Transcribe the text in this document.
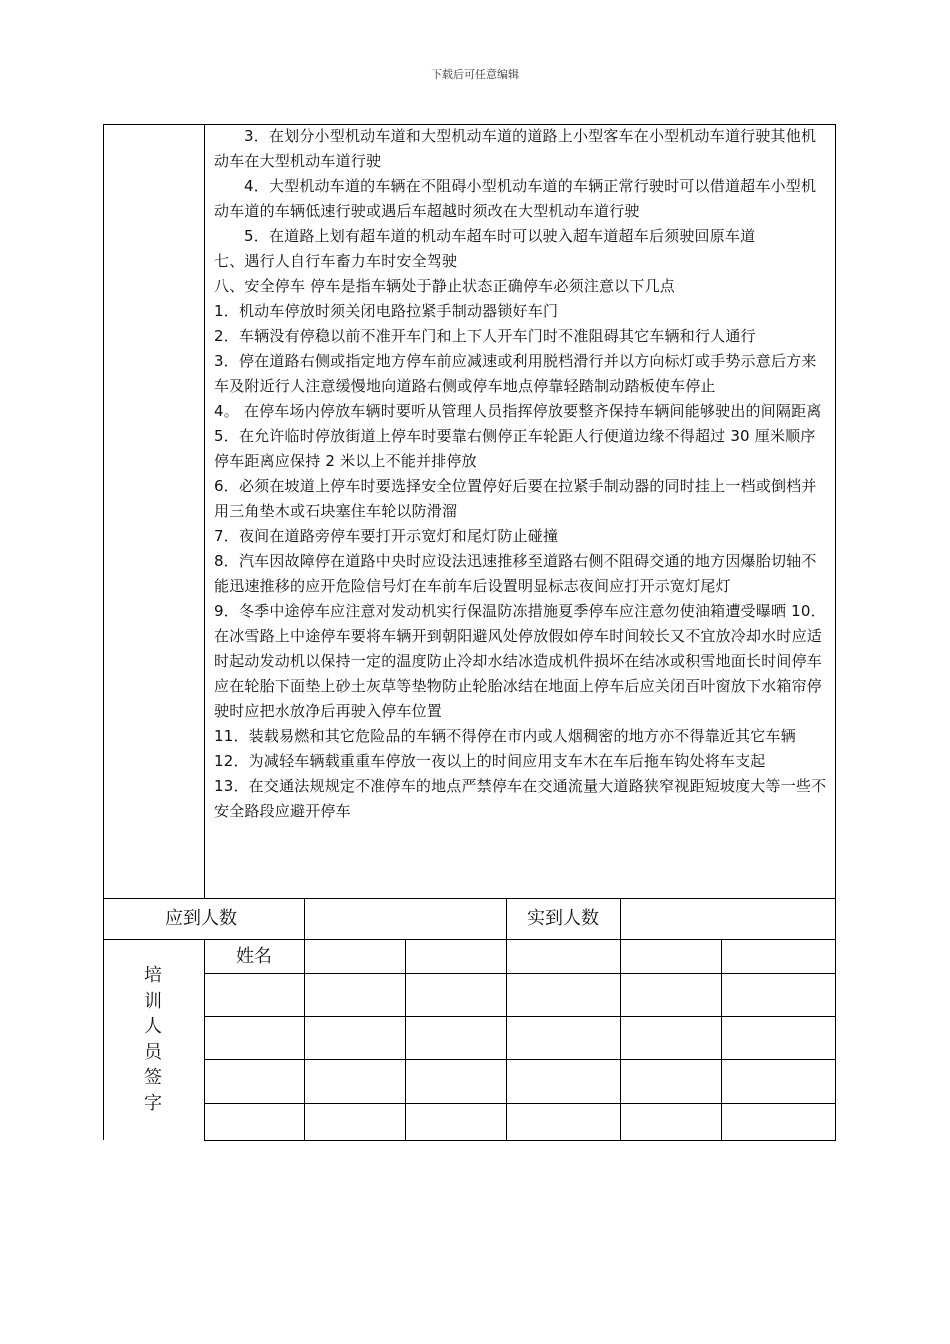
下载后可任意编辑

3．在划分小型机动车道和大型机动车道的道路上小型客车在小型机动车道行驶其他机动车在大型机动车道行驶

4．大型机动车道的车辆在不阻碍小型机动车道的车辆正常行驶时可以借道超车小型机动车道的车辆低速行驶或遇后车超越时须改在大型机动车道行驶

5．在道路上划有超车道的机动车超车时可以驶入超车道超车后须驶回原车道

七、遇行人自行车畜力车时安全驾驶

八、安全停车 停车是指车辆处于静止状态正确停车必须注意以下几点

1．机动车停放时须关闭电路拉紧手制动器锁好车门

2．车辆没有停稳以前不准开车门和上下人开车门时不准阻碍其它车辆和行人通行

3．停在道路右侧或指定地方停车前应减速或利用脱档滑行并以方向标灯或手势示意后方来车及附近行人注意缓慢地向道路右侧或停车地点停靠轻踏制动踏板使车停止

4。 在停车场内停放车辆时要听从管理人员指挥停放要整齐保持车辆间能够驶出的间隔距离

5．在允许临时停放街道上停车时要靠右侧停正车轮距人行便道边缘不得超过 30 厘米顺序停车距离应保持 2 米以上不能并排停放

6．必须在坡道上停车时要选择安全位置停好后要在拉紧手制动器的同时挂上一档或倒档并用三角垫木或石块塞住车轮以防滑溜

7．夜间在道路旁停车要打开示宽灯和尾灯防止碰撞

8．汽车因故障停在道路中央时应设法迅速推移至道路右侧不阻碍交通的地方因爆胎切轴不能迅速推移的应开危险信号灯在车前车后设置明显标志夜间应打开示宽灯尾灯

9．冬季中途停车应注意对发动机实行保温防冻措施夏季停车应注意勿使油箱遭受曝晒 10．在冰雪路上中途停车要将车辆开到朝阳避风处停放假如停车时间较长又不宜放冷却水时应适时起动发动机以保持一定的温度防止冷却水结冰造成机件损坏在结冰或积雪地面长时间停车应在轮胎下面垫上砂土灰草等垫物防止轮胎冰结在地面上停车后应关闭百叶窗放下水箱帘停驶时应把水放净后再驶入停车位置

11．装载易燃和其它危险品的车辆不得停在市内或人烟稠密的地方亦不得靠近其它车辆

12．为减轻车辆载重重车停放一夜以上的时间应用支车木在车后拖车钩处将车支起

13．在交通法规规定不准停车的地点严禁停车在交通流量大道路狭窄视距短坡度大等一些不安全路段应避开停车

应到人数	实到人数
姓名
培
训
人
员
签
字
